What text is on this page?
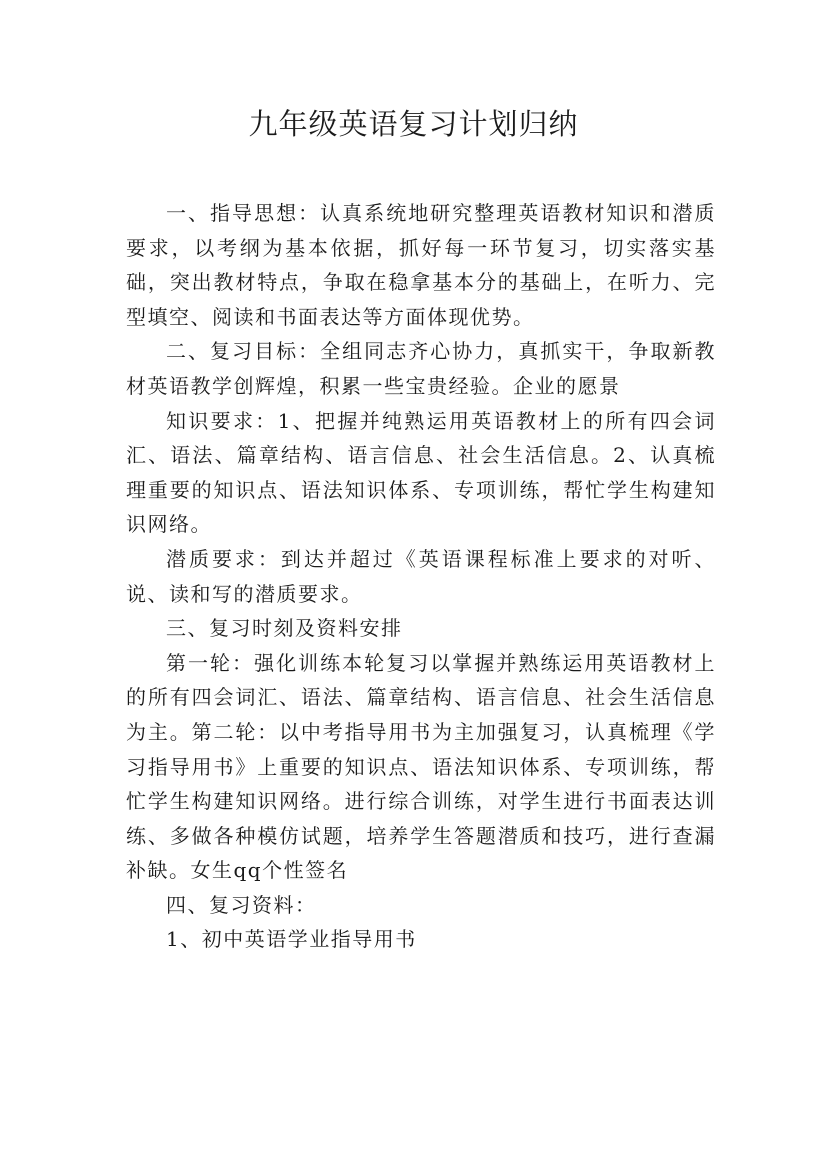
九年级英语复习计划归纳

一、指导思想：认真系统地研究整理英语教材知识和潜质要求，以考纲为基本依据，抓好每一环节复习，切实落实基础，突出教材特点，争取在稳拿基本分的基础上，在听力、完型填空、阅读和书面表达等方面体现优势。

二、复习目标：全组同志齐心协力，真抓实干，争取新教材英语教学创辉煌，积累一些宝贵经验。企业的愿景

知识要求：1、把握并纯熟运用英语教材上的所有四会词汇、语法、篇章结构、语言信息、社会生活信息。2、认真梳理重要的知识点、语法知识体系、专项训练，帮忙学生构建知识网络。

潜质要求：到达并超过《英语课程标准上要求的对听、说、读和写的潜质要求。

三、复习时刻及资料安排

第一轮：强化训练本轮复习以掌握并熟练运用英语教材上的所有四会词汇、语法、篇章结构、语言信息、社会生活信息为主。第二轮：以中考指导用书为主加强复习，认真梳理《学习指导用书》上重要的知识点、语法知识体系、专项训练，帮忙学生构建知识网络。进行综合训练，对学生进行书面表达训练、多做各种模仿试题，培养学生答题潜质和技巧，进行查漏补缺。女生qq个性签名

四、复习资料：

1、初中英语学业指导用书
